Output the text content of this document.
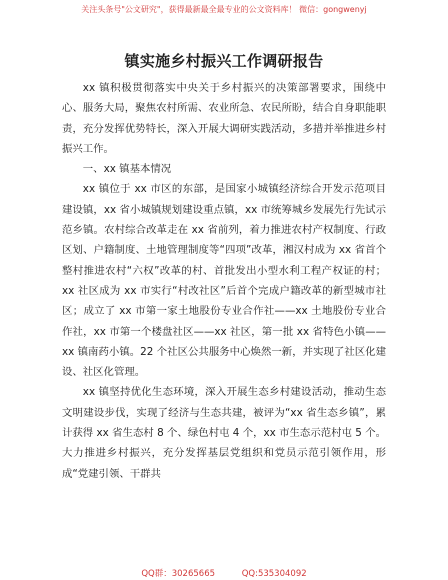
关注头条号"公文研究"，获得最新最全最专业的公文资料库！ 微信：gongwenyj
镇实施乡村振兴工作调研报告

xx 镇积极贯彻落实中央关于乡村振兴的决策部署要求，围绕中心、服务大局，聚焦农村所需、农业所急、农民所盼，结合自身职能职责，充分发挥优势特长，深入开展大调研实践活动，多措并举推进乡村振兴工作。

一、xx 镇基本情况

xx 镇位于 xx 市区的东部，是国家小城镇经济综合开发示范项目建设镇，xx 省小城镇规划建设重点镇，xx 市统筹城乡发展先行先试示范乡镇。农村综合改革走在 xx 省前列，着力推进农村产权制度、行政区划、户籍制度、土地管理制度等“四项”改革，湘汉村成为 xx 省首个整村推进农村“六权”改革的村、首批发出小型水利工程产权证的村；xx 社区成为 xx 市实行“村改社区”后首个完成户籍改革的新型城市社区；成立了 xx 市第一家土地股份专业合作社——xx 土地股份专业合作社，xx 市第一个楼盘社区——xx 社区，第一批 xx 省特色小镇——xx 镇南药小镇。22 个社区公共服务中心焕然一新，并实现了社区化建设、社区化管理。

xx 镇坚持优化生态环境，深入开展生态乡村建设活动，推动生态文明建设步伐，实现了经济与生态共建，被评为“xx 省生态乡镇”，累计获得 xx 省生态村 8 个、绿色村屯 4 个，xx 市生态示范村屯 5 个。大力推进乡村振兴，充分发挥基层党组织和党员示范引领作用，形成“党建引领、干群共

QQ群：30265665	QQ:535304092
